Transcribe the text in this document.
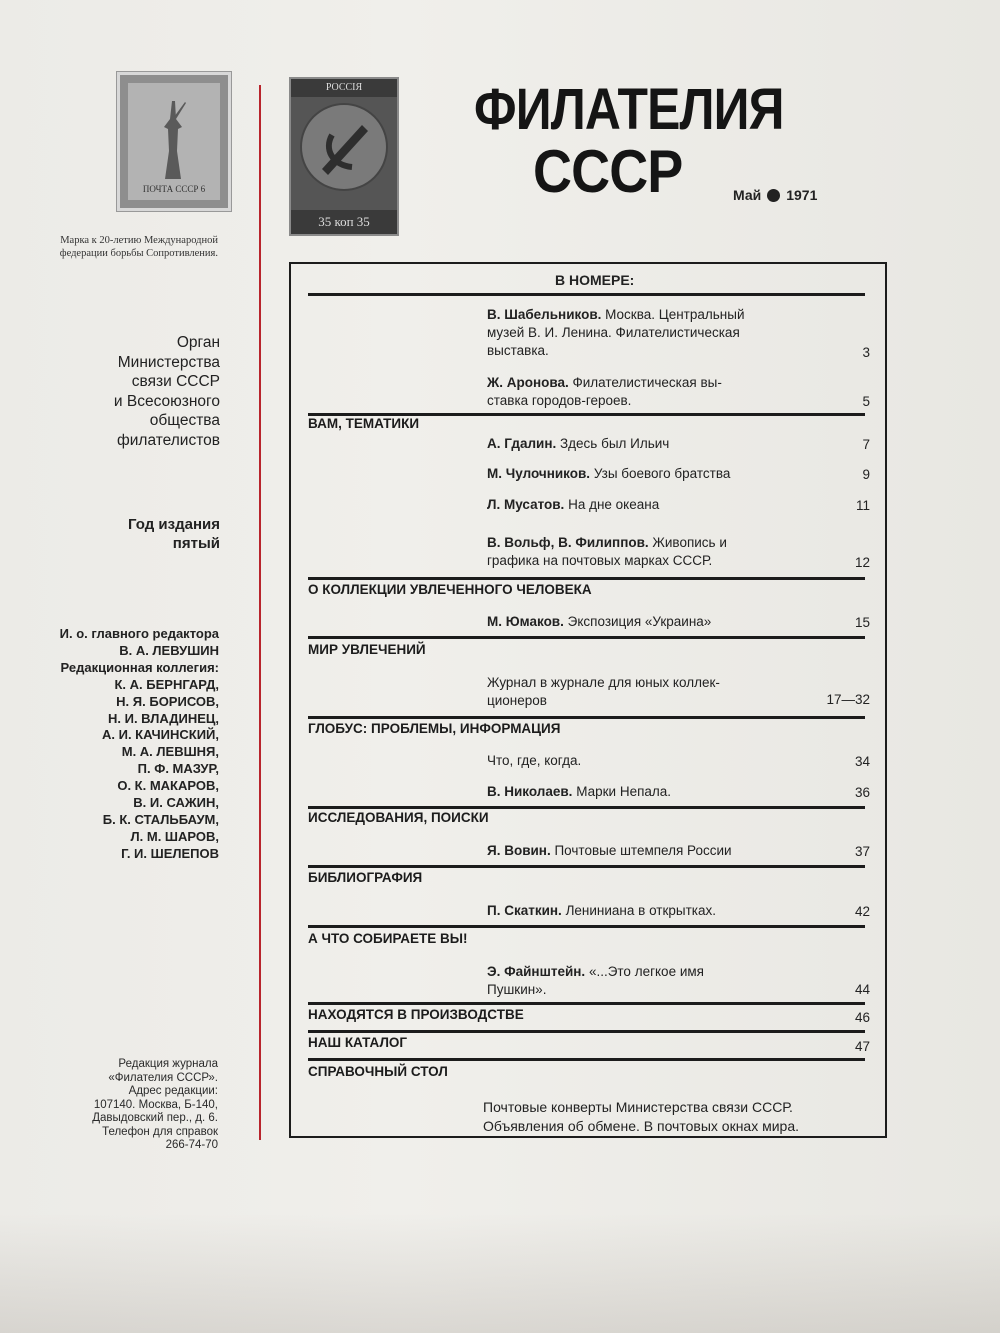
ПОЧТА СССР 6
Марка к 20-летию Международной
федерации борьбы Сопротивления.
РОССIЯ
35 коп 35
ФИЛАТЕЛИЯ
СССР	Май 1971
Орган
Министерства
связи СССР
и Всесоюзного
общества
филателистов
Год издания
пятый
И. о. главного редактора
В. А. ЛЕВУШИН
Редакционная коллегия:
К. А. БЕРНГАРД,
Н. Я. БОРИСОВ,
Н. И. ВЛАДИНЕЦ,
А. И. КАЧИНСКИЙ,
М. А. ЛЕВШНЯ,
П. Ф. МАЗУР,
О. К. МАКАРОВ,
В. И. САЖИН,
Б. К. СТАЛЬБАУМ,
Л. М. ШАРОВ,
Г. И. ШЕЛЕПОВ
Редакция журнала
«Филателия СССР».
Адрес редакции:
107140. Москва, Б-140,
Давыдовский пер., д. 6.
Телефон для справок
266-74-70
В НОМЕРЕ:
В. Шабельников. Москва. Центральный
музей В. И. Ленина. Филателистическая
выставка.	3
Ж. Аронова. Филателистическая вы-
ставка городов-героев.	5
ВАМ, ТЕМАТИКИ
А. Гдалин. Здесь был Ильич	7
М. Чулочников. Узы боевого братства	9
Л. Мусатов. На дне океана	11
В. Вольф, В. Филиппов. Живопись и
графика на почтовых марках СССР.	12
О КОЛЛЕКЦИИ УВЛЕЧЕННОГО ЧЕЛОВЕКА
М. Юмаков. Экспозиция «Украина»	15
МИР УВЛЕЧЕНИЙ
Журнал в журнале для юных коллек-
ционеров	17—32
ГЛОБУС: ПРОБЛЕМЫ, ИНФОРМАЦИЯ
Что, где, когда.	34
В. Николаев. Марки Непала.	36
ИССЛЕДОВАНИЯ, ПОИСКИ
Я. Вовин. Почтовые штемпеля России	37
БИБЛИОГРАФИЯ
П. Скаткин. Лениниана в открытках.	42
А ЧТО СОБИРАЕТЕ ВЫ!
Э. Файнштейн. «...Это легкое имя
Пушкин».	44
НАХОДЯТСЯ В ПРОИЗВОДСТВЕ	46
НАШ КАТАЛОГ	47
СПРАВОЧНЫЙ СТОЛ
Почтовые конверты Министерства связи СССР.
Объявления об обмене. В почтовых окнах мира.
